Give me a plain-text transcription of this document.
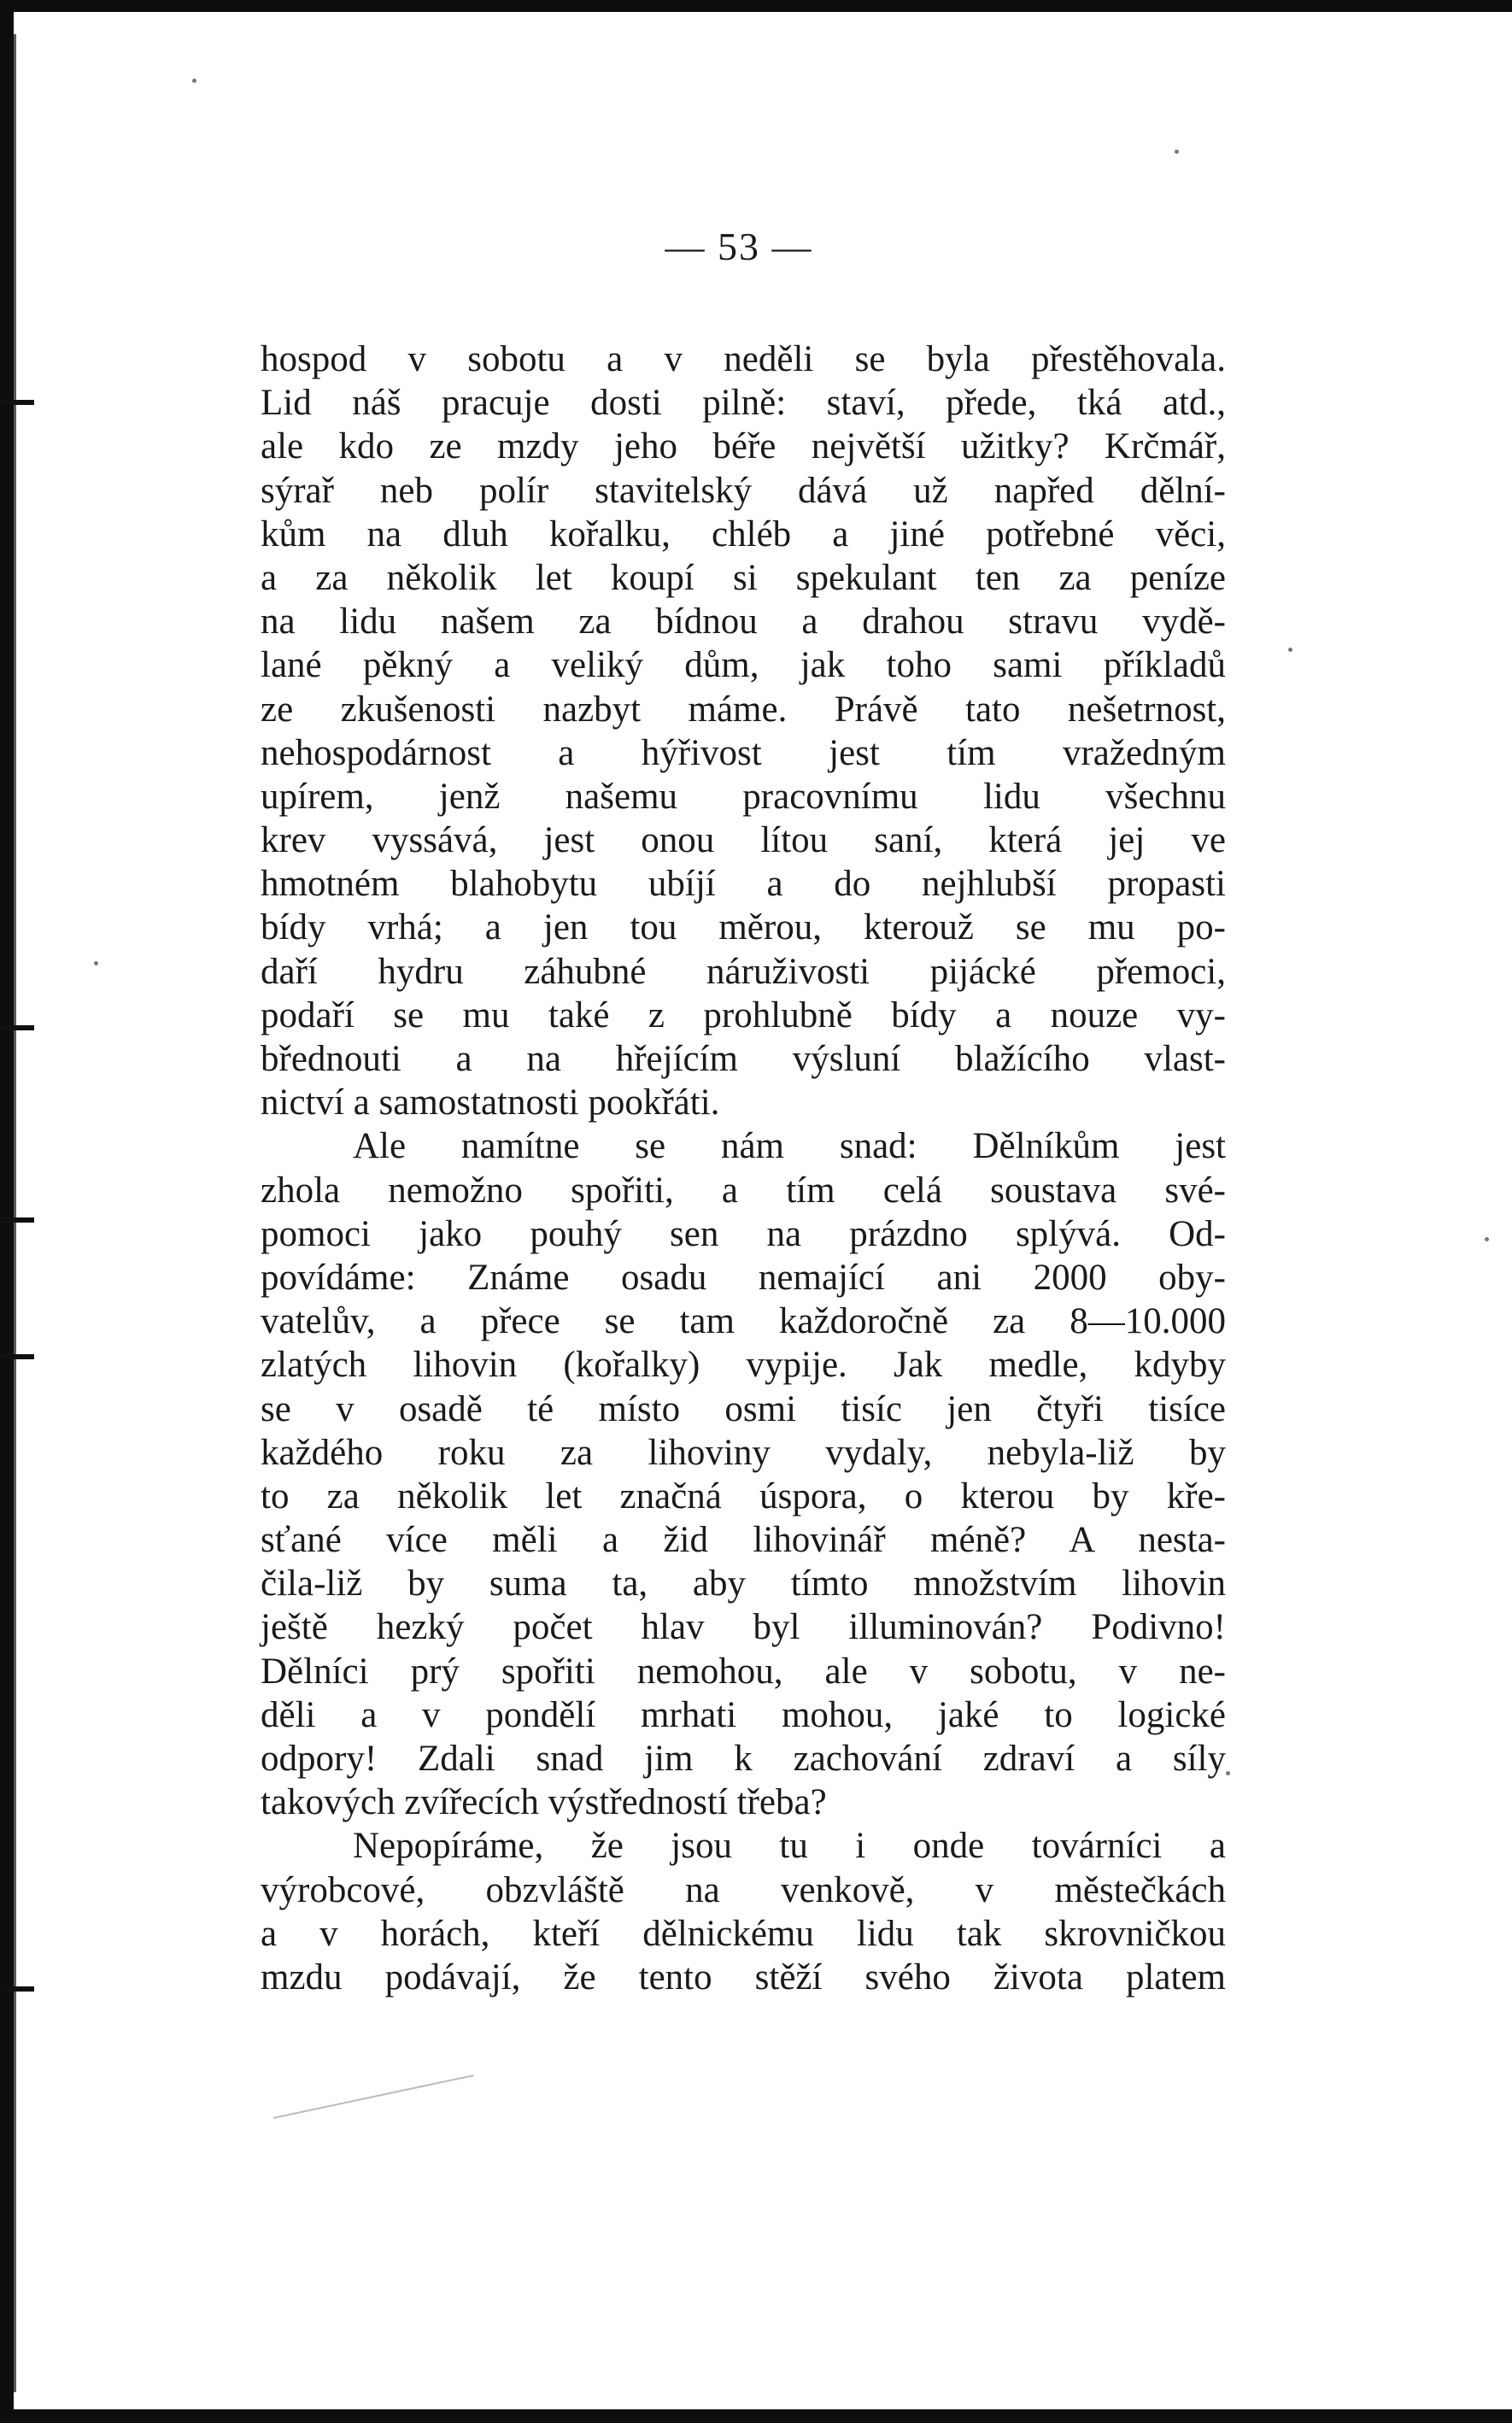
— 53 —
hospod v sobotu a v neděli se byla přestěhovala.
Lid náš pracuje dosti pilně: staví, přede, tká atd.,
ale kdo ze mzdy jeho béře největší užitky? Krčmář,
sýrař neb polír stavitelský dává už napřed dělní-
kům na dluh kořalku, chléb a jiné potřebné věci,
a za několik let koupí si spekulant ten za peníze
na lidu našem za bídnou a drahou stravu vydě-
lané pěkný a veliký dům, jak toho sami příkladů
ze zkušenosti nazbyt máme. Právě tato nešetrnost,
nehospodárnost a hýřivost jest tím vražedným
upírem, jenž našemu pracovnímu lidu všechnu
krev vyssává, jest onou lítou saní, která jej ve
hmotném blahobytu ubíjí a do nejhlubší propasti
bídy vrhá; a jen tou měrou, kterouž se mu po-
daří hydru záhubné náruživosti pijácké přemoci,
podaří se mu také z prohlubně bídy a nouze vy-
břednouti a na hřejícím výsluní blažícího vlast-
nictví a samostatnosti pookřáti.
Ale namítne se nám snad: Dělníkům jest
zhola nemožno spořiti, a tím celá soustava své-
pomoci jako pouhý sen na prázdno splývá. Od-
povídáme: Známe osadu nemající ani 2000 oby-
vatelův, a přece se tam každoročně za 8—10.000
zlatých lihovin (kořalky) vypije. Jak medle, kdyby
se v osadě té místo osmi tisíc jen čtyři tisíce
každého roku za lihoviny vydaly, nebyla-liž by
to za několik let značná úspora, o kterou by kře-
sťané více měli a žid lihovinář méně? A nesta-
čila-liž by suma ta, aby tímto množstvím lihovin
ještě hezký počet hlav byl illuminován? Podivno!
Dělníci prý spořiti nemohou, ale v sobotu, v ne-
děli a v pondělí mrhati mohou, jaké to logické
odpory! Zdali snad jim k zachování zdraví a síly
takových zvířecích výstředností třeba?
Nepopíráme, že jsou tu i onde továrníci a
výrobcové, obzvláště na venkově, v městečkách
a v horách, kteří dělnickému lidu tak skrovničkou
mzdu podávají, že tento stěží svého života platem
